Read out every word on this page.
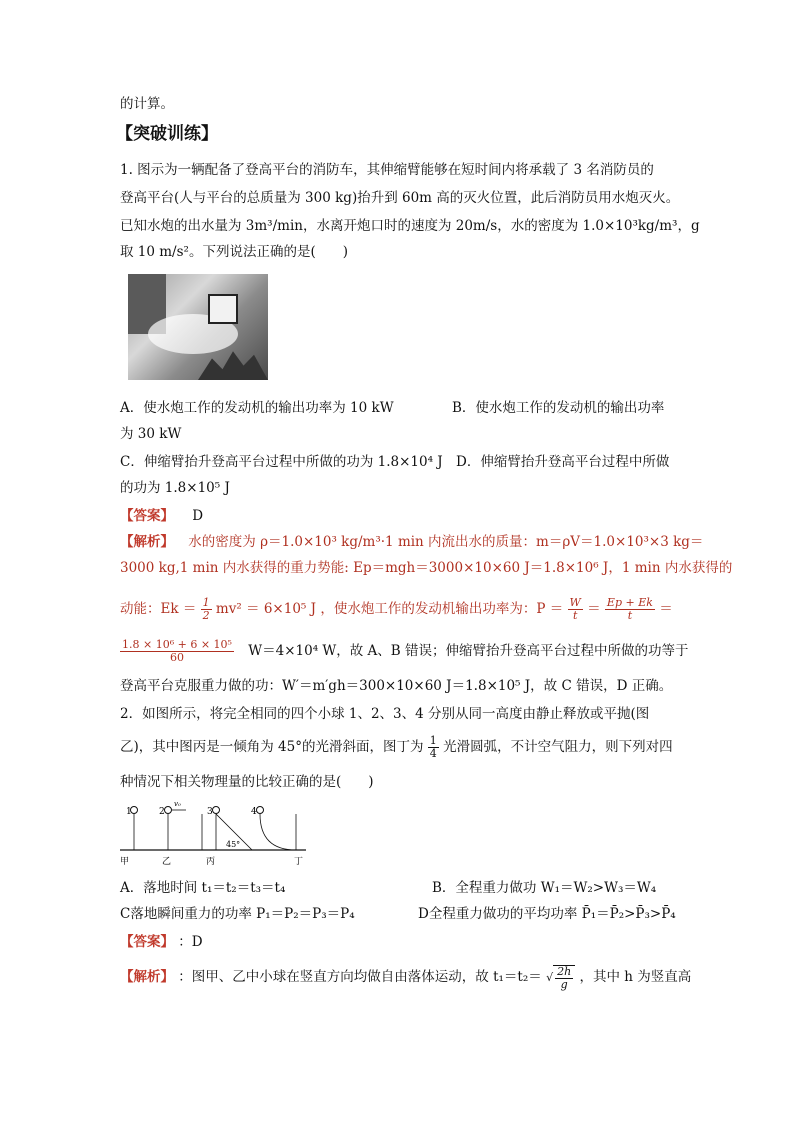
的计算。
【突破训练】
1. 图示为一辆配备了登高平台的消防车，其伸缩臂能够在短时间内将承载了 3 名消防员的
登高平台(人与平台的总质量为 300 kg)抬升到 60m 高的灭火位置，此后消防员用水炮灭火。
已知水炮的出水量为 3m³/min，水离开炮口时的速度为 20m/s，水的密度为 1.0×10³kg/m³，g
取 10 m/s²。下列说法正确的是(　　)
A．使水炮工作的发动机的输出功率为 10 kW	B．使水炮工作的发动机的输出功率
为 30 kW
C．伸缩臂抬升登高平台过程中所做的功为 1.8×10⁴ J D．伸缩臂抬升登高平台过程中所做
的功为 1.8×10⁵ J
【答案】 D
【解析】 水的密度为 ρ＝1.0×10³ kg/m³·1 min 内流出水的质量：m＝ρV＝1.0×10³×3 kg＝
3000 kg,1 min 内水获得的重力势能: Ep＝mgh＝3000×10×60 J＝1.8×10⁶ J，1 min 内水获得的
动能：$Ek = \frac{1}{2} mv^2 = 6\times 10^5$ J ，使水炮工作的发动机输出功率为：$P = \frac{W}{t} = \frac{Ep + Ek}{t}$ ＝
$\frac{\text{1.8 × 10⁶ + 6 × 10⁵}}{60} W=4\times 10^4$ W，故 A、B 错误；伸缩臂抬升登高平台过程中所做的功等于
登高平台克服重力做的功：W′＝m′gh＝300×10×60 J＝1.8×10⁵ J，故 C 错误，D 正确。
2．如图所示，将完全相同的四个小球 1、2、3、4 分别从同一高度由静止释放或平抛(图
乙)，其中图丙是一倾角为 45°的光滑斜面，图丁为 $\frac{1}{4}$ 光滑圆弧，不计空气阻力，则下列对四
种情况下相关物理量的比较正确的是(　　)
1	2	3	4
v₀
45°
甲	乙	丙	丁
A．落地时间 t₁＝t₂＝t₃＝t₄	B．全程重力做功 W₁＝W₂>W₃＝W₄
C落地瞬间重力的功率 P₁＝P₂＝P₃＝P₄	D全程重力做功的平均功率 P̄₁＝P̄₂>P̄₃>P̄₄
【答案】 ：D
【解析】 ：图甲、乙中小球在竖直方向均做自由落体运动，故 t₁＝t₂＝ √ $\frac{2h}{g}$ ，其中 h 为竖直高
